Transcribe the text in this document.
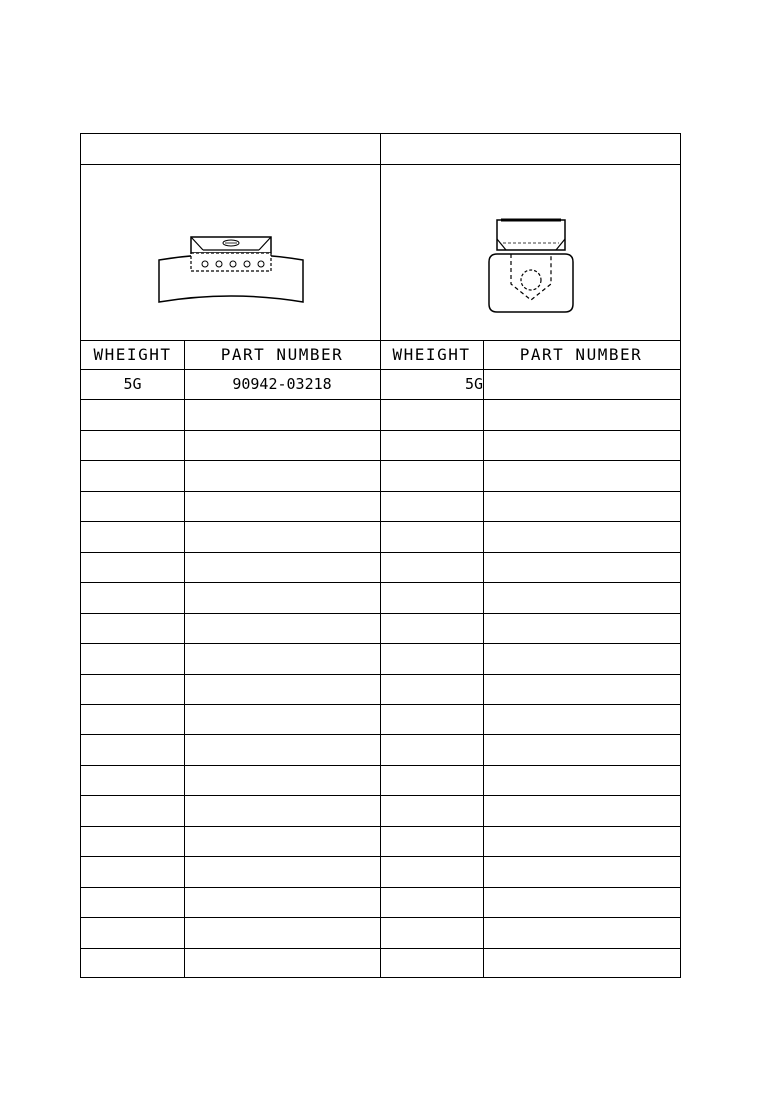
WHEIGHT	PART NUMBER	WHEIGHT	PART NUMBER
5G	90942-03218	5G
